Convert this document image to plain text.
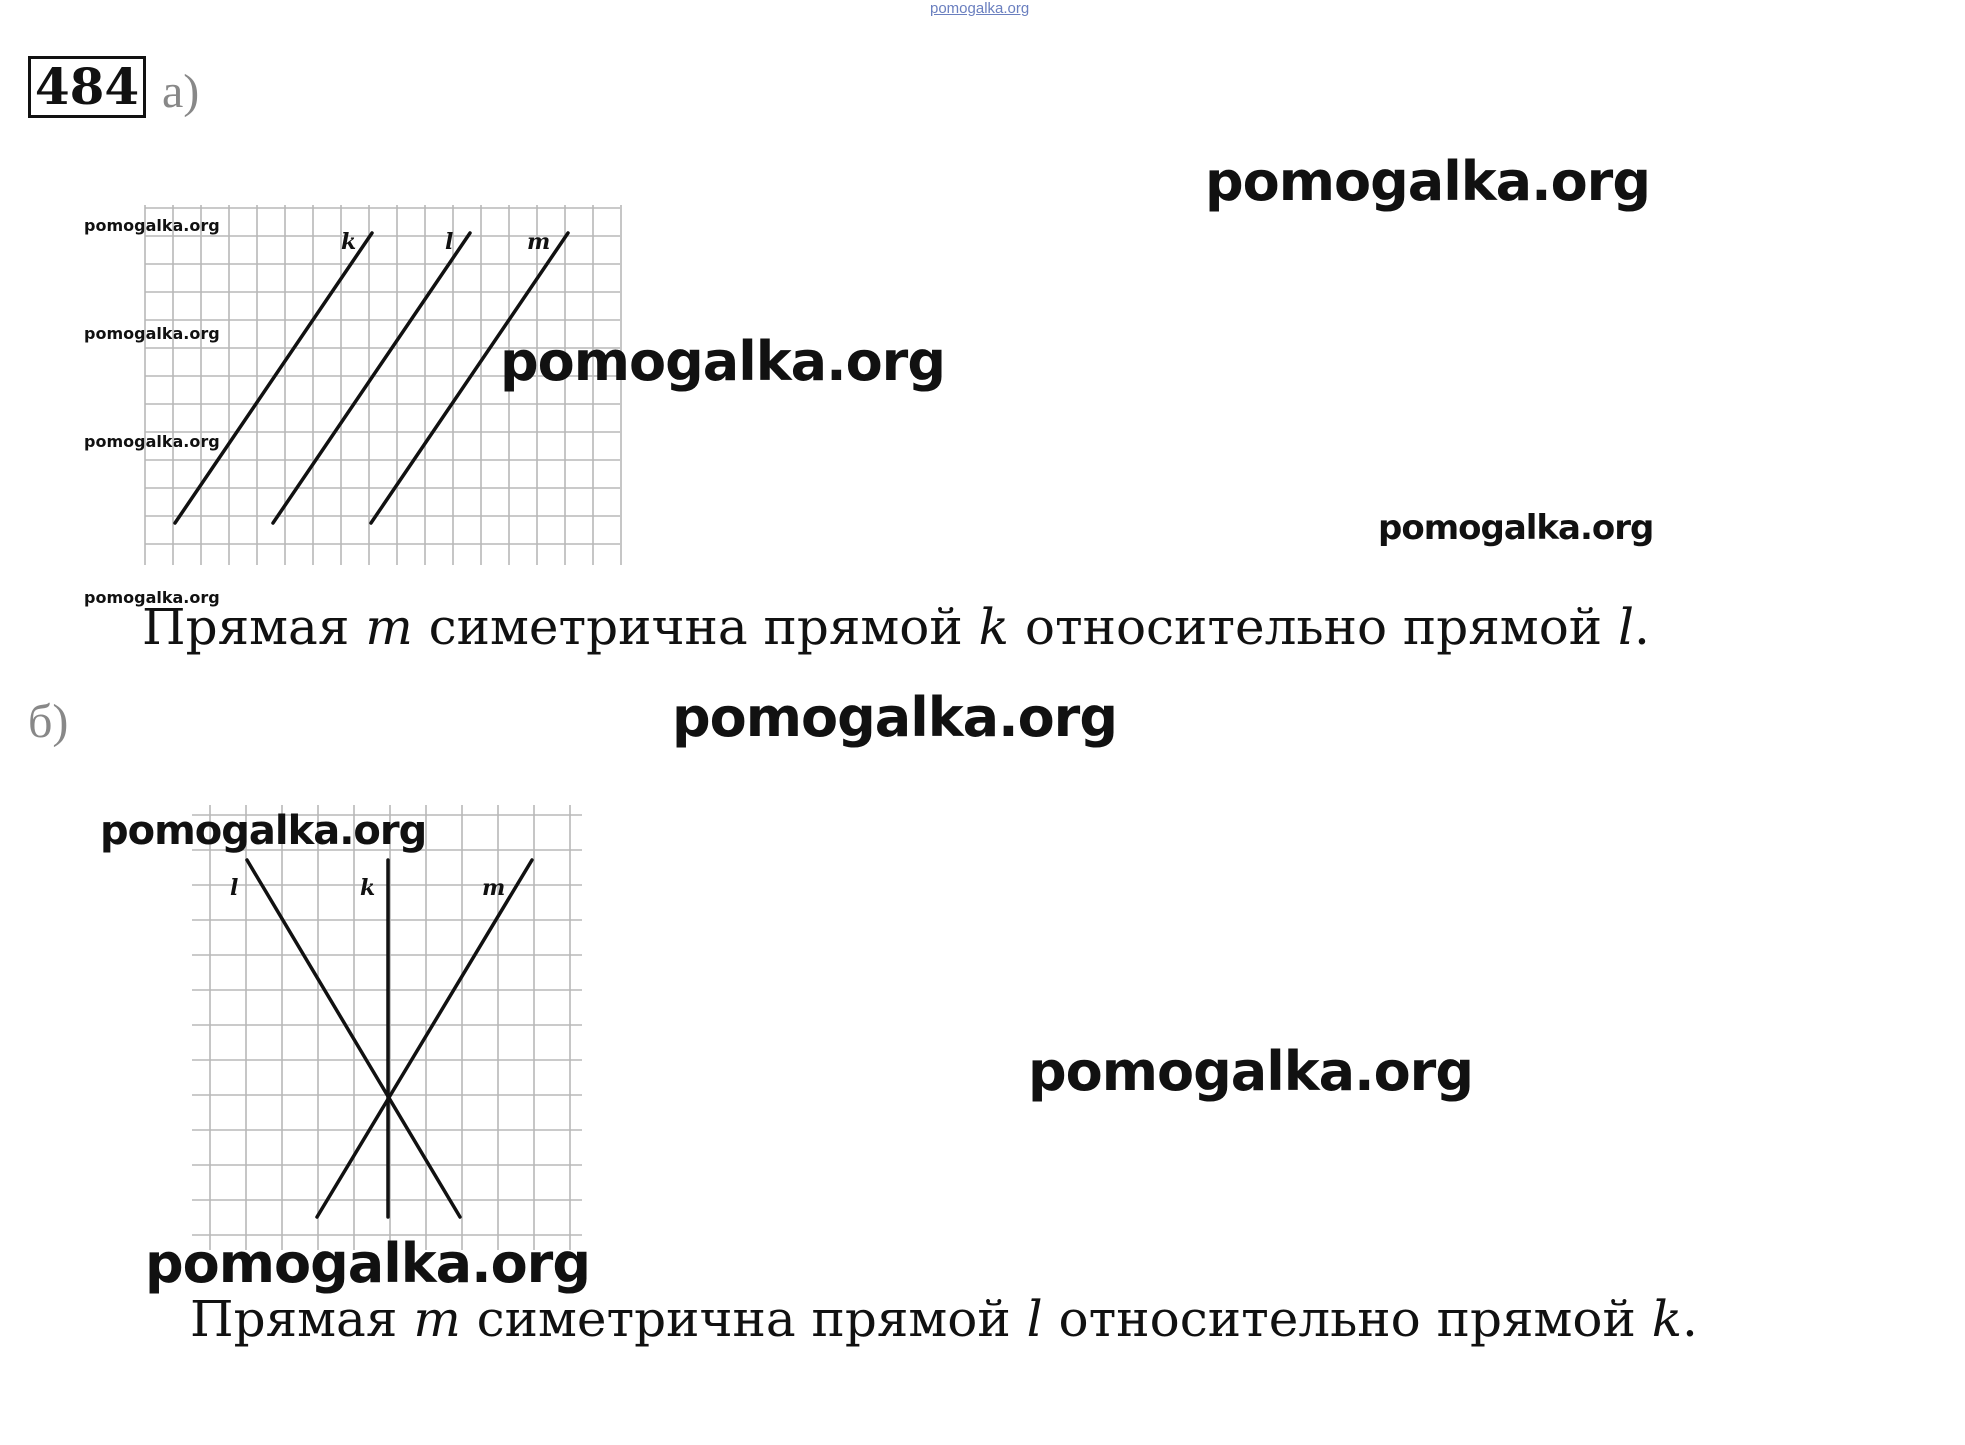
pomogalka.org
484 а)
pomogalka.org
pomogalka.org
pomogalka.org
pomogalka.org
pomogalka.org
pomogalka.org
k	l	m
pomogalka.org
Прямая m симетрична прямой k относительно прямой l.
б)	pomogalka.org
l	k	m
pomogalka.org
pomogalka.org
pomogalka.org
Прямая m симетрична прямой l относительно прямой k.
